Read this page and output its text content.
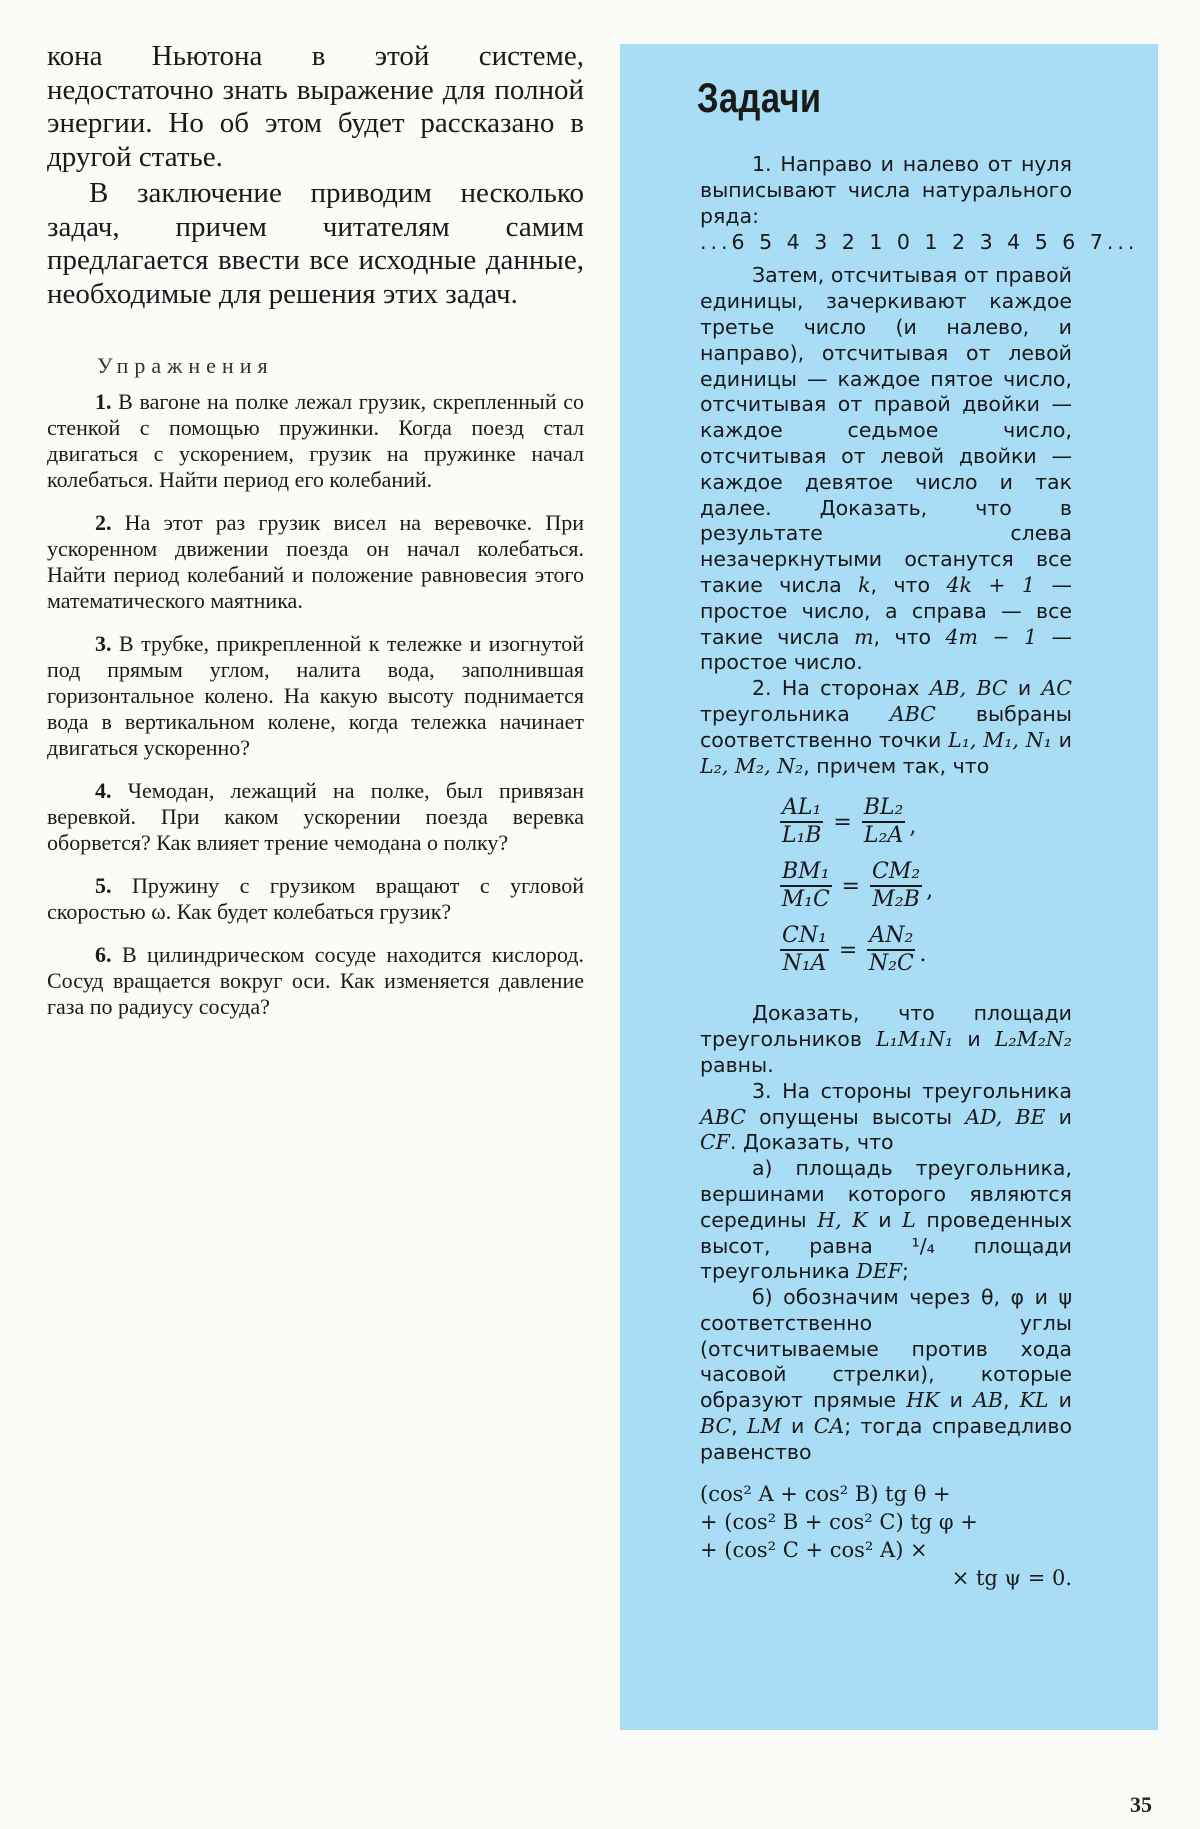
кона Ньютона в этой системе, недостаточно знать выражение для полной энергии. Но об этом будет рассказано в другой статье.

В заключение приводим несколько задач, причем читателям самим предлагается ввести все исходные данные, необходимые для решения этих задач.

Упражнения

1. В вагоне на полке лежал грузик, скрепленный со стенкой с помощью пружинки. Когда поезд стал двигаться с ускорением, грузик на пружинке начал колебаться. Найти период его колебаний.

2. На этот раз грузик висел на веревочке. При ускоренном движении поезда он начал колебаться. Найти период колебаний и положение равновесия этого математического маятника.

3. В трубке, прикрепленной к тележке и изогнутой под прямым углом, налита вода, заполнившая горизонтальное колено. На какую высоту поднимается вода в вертикальном колене, когда тележка начинает двигаться ускоренно?

4. Чемодан, лежащий на полке, был привязан веревкой. При каком ускорении поезда веревка оборвется? Как влияет трение чемодана о полку?

5. Пружину с грузиком вращают с угловой скоростью ω. Как будет колебаться грузик?

6. В цилиндрическом сосуде находится кислород. Сосуд вращается вокруг оси. Как изменяется давление газа по радиусу сосуда?

Задачи

1. Направо и налево от нуля выписывают числа натурального ряда:

...6 5 4 3 2 1 0 1 2 3 4 5 6 7...

Затем, отсчитывая от правой единицы, зачеркивают каждое третье число (и налево, и направо), отсчитывая от левой единицы — каждое пятое число, отсчитывая от правой двойки — каждое седьмое число, отсчитывая от левой двойки — каждое девятое число и так далее. Доказать, что в результате слева незачеркнутыми останутся все такие числа k, что 4k + 1 — простое число, а справа — все такие числа m, что 4m − 1 — простое число.

2. На сторонах AB, BC и AC треугольника ABC выбраны соответственно точки L₁, M₁, N₁ и L₂, M₂, N₂, причем так, что

$\frac{\text{AL₁}}{\text{L₁B}} = \frac{\text{BL₂}}{\text{L₂A}}$ ,
$\frac{\text{BM₁}}{\text{M₁C}} = \frac{\text{CM₂}}{\text{M₂B}}$ ,
$\frac{\text{CN₁}}{\text{N₁A}} = \frac{\text{AN₂}}{\text{N₂C}}$ .

Доказать, что площади треугольников L₁M₁N₁ и L₂M₂N₂ равны.

3. На стороны треугольника ABC опущены высоты AD, BE и CF. Доказать, что

а) площадь треугольника, вершинами которого являются середины H, K и L проведенных высот, равна ¹/₄ площади треугольника DEF;

б) обозначим через θ, φ и ψ соответственно углы (отсчитываемые против хода часовой стрелки), которые образуют прямые HK и AB, KL и BC, LM и CA; тогда справедливо равенство

(cos² A + cos² B) tg θ +
+ (cos² B + cos² C) tg φ +
+ (cos² C + cos² A) ×
× tg ψ = 0.
35
